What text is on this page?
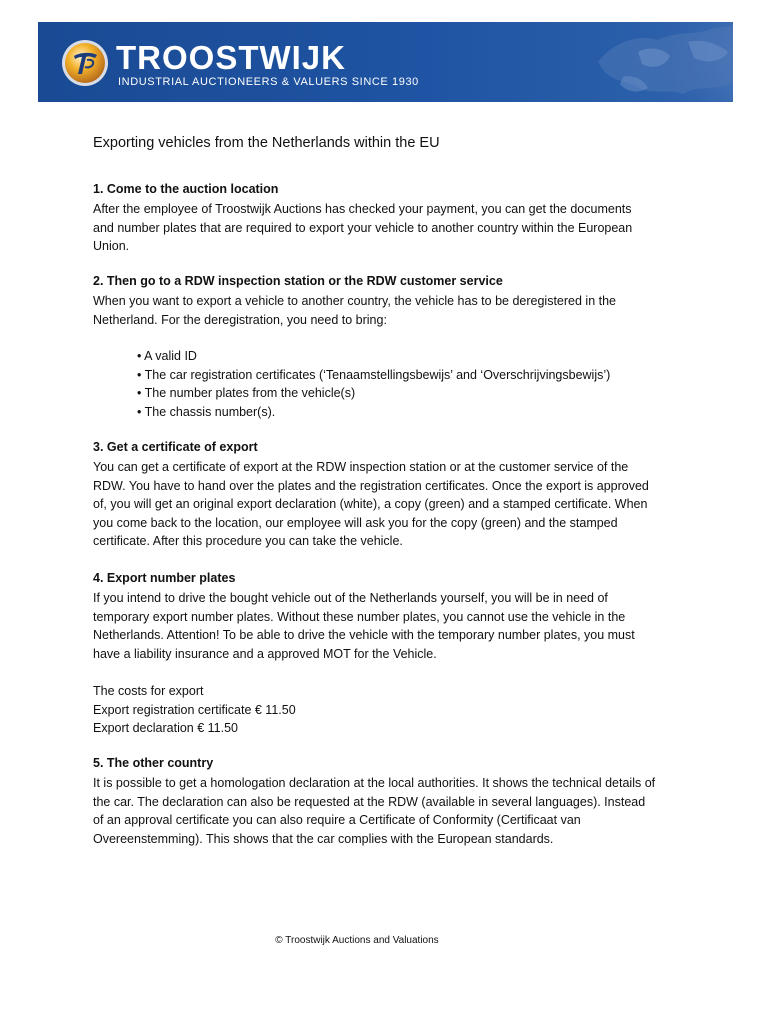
TROOSTWIJK
INDUSTRIAL AUCTIONEERS & VALUERS SINCE 1930
Exporting vehicles from the Netherlands within the EU
1. Come to the auction location
After the employee of Troostwijk Auctions has checked your payment, you can get the documents
and number plates that are required to export your vehicle to another country within the European
Union.
2. Then go to a RDW inspection station or the RDW customer service
When you want to export a vehicle to another country, the vehicle has to be deregistered in the
Netherland. For the deregistration, you need to bring:
• A valid ID
• The car registration certificates (‘Tenaamstellingsbewijs’ and ‘Overschrijvingsbewijs’)
• The number plates from the vehicle(s)
• The chassis number(s).
3. Get a certificate of export
You can get a certificate of export at the RDW inspection station or at the customer service of the
RDW. You have to hand over the plates and the registration certificates. Once the export is approved
of, you will get an original export declaration (white), a copy (green) and a stamped certificate. When
you come back to the location, our employee will ask you for the copy (green) and the stamped
certificate. After this procedure you can take the vehicle.
4. Export number plates
If you intend to drive the bought vehicle out of the Netherlands yourself, you will be in need of
temporary export number plates. Without these number plates, you cannot use the vehicle in the
Netherlands. Attention! To be able to drive the vehicle with the temporary number plates, you must
have a liability insurance and a approved MOT for the Vehicle.
The costs for export
Export registration certificate € 11.50
Export declaration € 11.50
5. The other country
It is possible to get a homologation declaration at the local authorities. It shows the technical details of
the car. The declaration can also be requested at the RDW (available in several languages). Instead
of an approval certificate you can also require a Certificate of Conformity (Certificaat van
Overeenstemming). This shows that the car complies with the European standards.
© Troostwijk Auctions and Valuations
